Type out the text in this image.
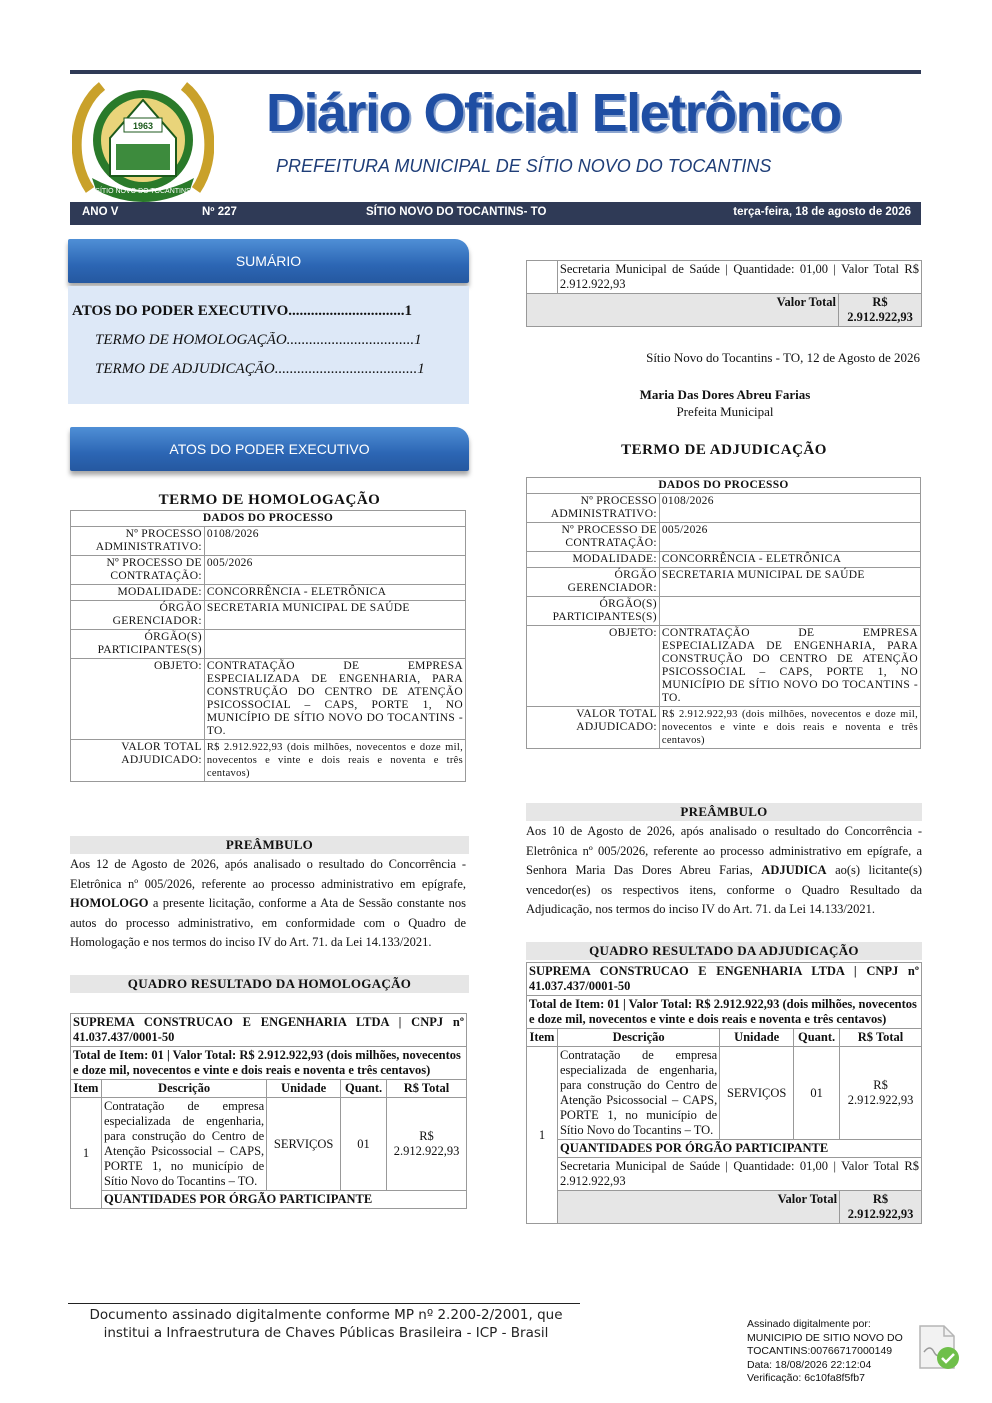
1963
SÍTIO NOVO DO TOCANTINS
Diário Oficial Eletrônico
PREFEITURA MUNICIPAL DE SÍTIO NOVO DO TOCANTINS
ANO V	Nº 227	SÍTIO NOVO DO TOCANTINS- TO	terça-feira, 18 de agosto de 2026
SUMÁRIO
ATOS DO PODER EXECUTIVO...............................1
TERMO DE HOMOLOGAÇÃO..................................1
TERMO DE ADJUDICAÇÃO......................................1
ATOS DO PODER EXECUTIVO
TERMO DE HOMOLOGAÇÃO
DADOS DO PROCESSO	
Nº PROCESSO ADMINISTRATIVO:	0108/2026
Nº PROCESSO DE CONTRATAÇÃO:	005/2026
MODALIDADE:	CONCORRÊNCIA - ELETRÔNICA
ÓRGÃO GERENCIADOR:	SECRETARIA MUNICIPAL DE SAÚDE
ÓRGÃO(S) PARTICIPANTES(S)	
OBJETO:	CONTRATAÇÃO DE EMPRESA ESPECIALIZADA DE ENGENHARIA, PARA CONSTRUÇÃO DO CENTRO DE ATENÇÃO PSICOSSOCIAL – CAPS, PORTE 1, NO MUNICÍPIO DE SÍTIO NOVO DO TOCANTINS - TO.
VALOR TOTAL ADJUDICADO:	R$ 2.912.922,93 (dois milhões, novecentos e doze mil, novecentos e vinte e dois reais e noventa e três centavos)
PREÂMBULO
Aos 12 de Agosto de 2026, após analisado o resultado do Concorrência - Eletrônica nº 005/2026, referente ao processo administrativo em epígrafe, HOMOLOGO a presente licitação, conforme a Ata de Sessão constante nos autos do processo administrativo, em conformidade com o Quadro de Homologação e nos termos do inciso IV do Art. 71. da Lei 14.133/2021.
QUADRO RESULTADO DA HOMOLOGAÇÃO
SUPREMA CONSTRUCAO E ENGENHARIA LTDA | CNPJ nº 41.037.437/0001-50				
Total de Item: 01 | Valor Total: R$ 2.912.922,93 (dois milhões, novecentos e doze mil, novecentos e vinte e dois reais e noventa e três centavos)				
Item	Descrição	Unidade	Quant.	R$ Total
1	Contratação de empresa especializada de engenharia, para construção do Centro de Atenção Psicossocial – CAPS, PORTE 1, no município de Sítio Novo do Tocantins – TO.	SERVIÇOS	01	R$ 2.912.922,93
	QUANTIDADES POR ÓRGÃO PARTICIPANTE			
	Secretaria Municipal de Saúde | Quantidade: 01,00 | Valor Total R$ 2.912.922,93	
Valor Total		R$ 2.912.922,93
Sítio Novo do Tocantins - TO, 12 de Agosto de 2026
Maria Das Dores Abreu Farias
Prefeita Municipal
TERMO DE ADJUDICAÇÃO
DADOS DO PROCESSO	
Nº PROCESSO ADMINISTRATIVO:	0108/2026
Nº PROCESSO DE CONTRATAÇÃO:	005/2026
MODALIDADE:	CONCORRÊNCIA - ELETRÔNICA
ÓRGÃO GERENCIADOR:	SECRETARIA MUNICIPAL DE SAÚDE
ÓRGÃO(S) PARTICIPANTES(S)	
OBJETO:	CONTRATAÇÃO DE EMPRESA ESPECIALIZADA DE ENGENHARIA, PARA CONSTRUÇÃO DO CENTRO DE ATENÇÃO PSICOSSOCIAL – CAPS, PORTE 1, NO MUNICÍPIO DE SÍTIO NOVO DO TOCANTINS - TO.
VALOR TOTAL ADJUDICADO:	R$ 2.912.922,93 (dois milhões, novecentos e doze mil, novecentos e vinte e dois reais e noventa e três centavos)
PREÂMBULO
Aos 10 de Agosto de 2026, após analisado o resultado do Concorrência - Eletrônica nº 005/2026, referente ao processo administrativo em epígrafe, a Senhora Maria Das Dores Abreu Farias, ADJUDICA ao(s) licitante(s) vencedor(es) os respectivos itens, conforme o Quadro Resultado da Adjudicação, nos termos do inciso IV do Art. 71. da Lei 14.133/2021.
QUADRO RESULTADO DA ADJUDICAÇÃO
SUPREMA CONSTRUCAO E ENGENHARIA LTDA | CNPJ nº 41.037.437/0001-50				
Total de Item: 01 | Valor Total: R$ 2.912.922,93 (dois milhões, novecentos e doze mil, novecentos e vinte e dois reais e noventa e três centavos)				
Item	Descrição	Unidade	Quant.	R$ Total
1	Contratação de empresa especializada de engenharia, para construção do Centro de Atenção Psicossocial – CAPS, PORTE 1, no município de Sítio Novo do Tocantins – TO.	SERVIÇOS	01	R$ 2.912.922,93
	QUANTIDADES POR ÓRGÃO PARTICIPANTE			
	Secretaria Municipal de Saúde | Quantidade: 01,00 | Valor Total R$ 2.912.922,93			
	Valor Total			R$ 2.912.922,93
Documento assinado digitalmente conforme MP nº 2.200-2/2001, que
institui a Infraestrutura de Chaves Públicas Brasileira - ICP - Brasil
Assinado digitalmente por:
MUNICIPIO DE SITIO NOVO DO
TOCANTINS:00766717000149
Data: 18/08/2026 22:12:04
Verificação: 6c10fa8f5fb7
